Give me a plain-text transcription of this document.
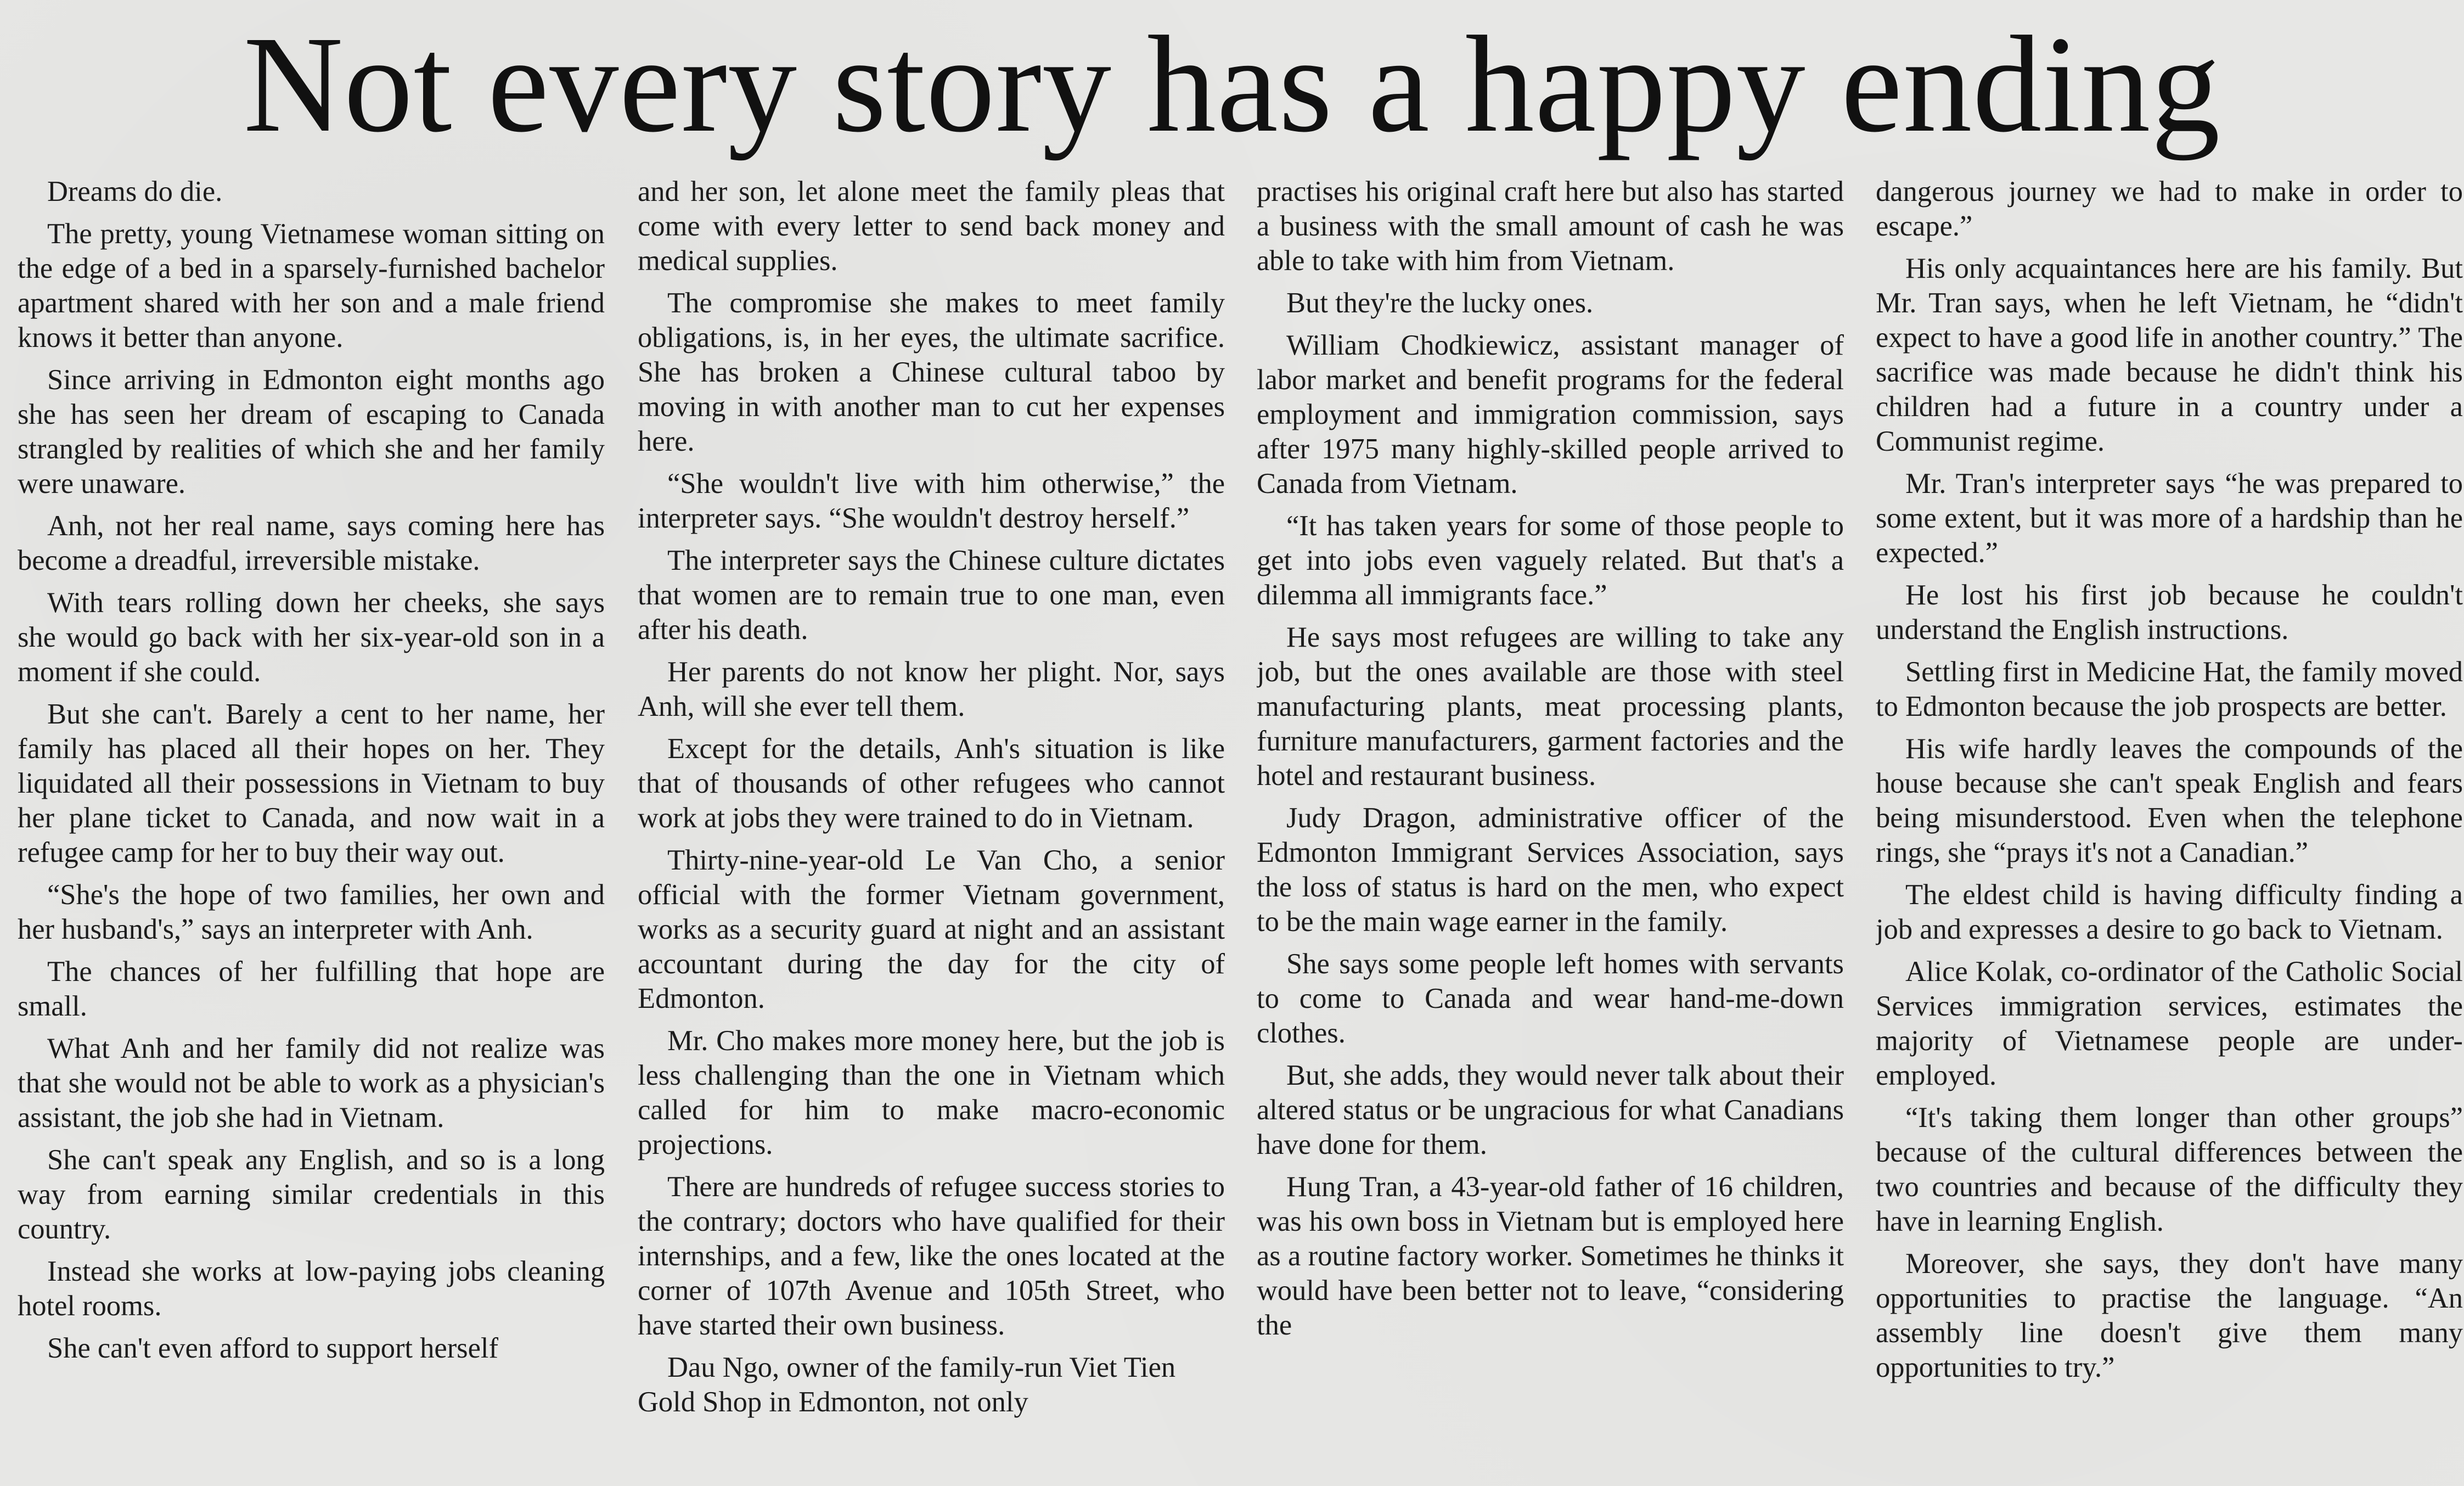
Not every story has a happy ending

Dreams do die.

The pretty, young Vietnamese woman sitting on the edge of a bed in a sparsely-furnished bachelor apartment shared with her son and a male friend knows it better than anyone.

Since arriving in Edmonton eight months ago she has seen her dream of escaping to Canada strangled by realities of which she and her family were unaware.

Anh, not her real name, says coming here has become a dreadful, irreversible mistake.

With tears rolling down her cheeks, she says she would go back with her six-year-old son in a moment if she could.

But she can't. Barely a cent to her name, her family has placed all their hopes on her. They liquidated all their possessions in Vietnam to buy her plane ticket to Canada, and now wait in a refugee camp for her to buy their way out.

“She's the hope of two families, her own and her husband's,” says an interpreter with Anh.

The chances of her fulfilling that hope are small.

What Anh and her family did not realize was that she would not be able to work as a physician's assistant, the job she had in Vietnam.

She can't speak any English, and so is a long way from earning similar credentials in this country.

Instead she works at low-paying jobs cleaning hotel rooms.

She can't even afford to support herself

and her son, let alone meet the family pleas that come with every letter to send back money and medical supplies.

The compromise she makes to meet family obligations, is, in her eyes, the ultimate sacrifice. She has broken a Chinese cultural taboo by moving in with another man to cut her expenses here.

“She wouldn't live with him otherwise,” the interpreter says. “She wouldn't destroy herself.”

The interpreter says the Chinese culture dictates that women are to remain true to one man, even after his death.

Her parents do not know her plight. Nor, says Anh, will she ever tell them.

Except for the details, Anh's situation is like that of thousands of other refugees who cannot work at jobs they were trained to do in Vietnam.

Thirty-nine-year-old Le Van Cho, a senior official with the former Vietnam government, works as a security guard at night and an assistant accountant during the day for the city of Edmonton.

Mr. Cho makes more money here, but the job is less challenging than the one in Vietnam which called for him to make macro-economic projections.

There are hundreds of refugee success stories to the contrary; doctors who have qualified for their internships, and a few, like the ones located at the corner of 107th Avenue and 105th Street, who have started their own business.

Dau Ngo, owner of the family-run Viet Tien Gold Shop in Edmonton, not only

practises his original craft here but also has started a business with the small amount of cash he was able to take with him from Vietnam.

But they're the lucky ones.

William Chodkiewicz, assistant manager of labor market and benefit programs for the federal employment and immigration commission, says after 1975 many highly-skilled people arrived to Canada from Vietnam.

“It has taken years for some of those people to get into jobs even vaguely related. But that's a dilemma all immigrants face.”

He says most refugees are willing to take any job, but the ones available are those with steel manufacturing plants, meat processing plants, furniture manufacturers, garment factories and the hotel and restaurant business.

Judy Dragon, administrative officer of the Edmonton Immigrant Services Association, says the loss of status is hard on the men, who expect to be the main wage earner in the family.

She says some people left homes with servants to come to Canada and wear hand-me-down clothes.

But, she adds, they would never talk about their altered status or be ungracious for what Canadians have done for them.

Hung Tran, a 43-year-old father of 16 children, was his own boss in Vietnam but is employed here as a routine factory worker. Sometimes he thinks it would have been better not to leave, “considering the

dangerous journey we had to make in order to escape.”

His only acquaintances here are his family. But Mr. Tran says, when he left Vietnam, he “didn't expect to have a good life in another country.” The sacrifice was made because he didn't think his children had a future in a country under a Communist regime.

Mr. Tran's interpreter says “he was prepared to some extent, but it was more of a hardship than he expected.”

He lost his first job because he couldn't understand the English instructions.

Settling first in Medicine Hat, the family moved to Edmonton because the job prospects are better.

His wife hardly leaves the compounds of the house because she can't speak English and fears being misunderstood. Even when the telephone rings, she “prays it's not a Canadian.”

The eldest child is having difficulty finding a job and expresses a desire to go back to Vietnam.

Alice Kolak, co-ordinator of the Catholic Social Services immigration services, estimates the majority of Vietnamese people are under-employed.

“It's taking them longer than other groups” because of the cultural differences between the two countries and because of the difficulty they have in learning English.

Moreover, she says, they don't have many opportunities to practise the language. “An assembly line doesn't give them many opportunities to try.”
